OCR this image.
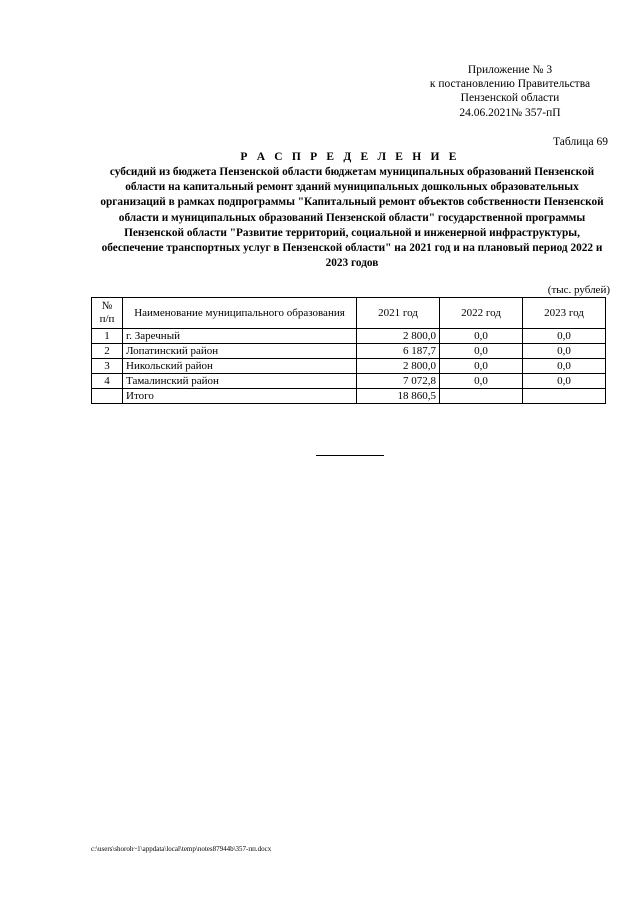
Приложение № 3
к постановлению Правительства
Пензенской области
24.06.2021№ 357-пП
Таблица 69
Р А С П Р Е Д Е Л Е Н И Е
субсидий из бюджета Пензенской области бюджетам муниципальных образований Пензенской области на капитальный ремонт зданий муниципальных дошкольных образовательных организаций в рамках подпрограммы "Капитальный ремонт объектов собственности Пензенской области и муниципальных образований Пензенской области" государственной программы Пензенской области "Развитие территорий, социальной и инженерной инфраструктуры, обеспечение транспортных услуг в Пензенской области" на 2021 год и на плановый период 2022 и 2023 годов
(тыс. рублей)
№
п/п	Наименование муниципального образования	2021 год	2022 год	2023 год
1	г. Заречный	2 800,0	0,0	0,0
2	Лопатинский район	6 187,7	0,0	0,0
3	Никольский район	2 800,0	0,0	0,0
4	Тамалинский район	7 072,8	0,0	0,0
	Итого	18 860,5		
c:\users\shoroh~1\appdata\local\temp\notes87944b\357-пп.docx
